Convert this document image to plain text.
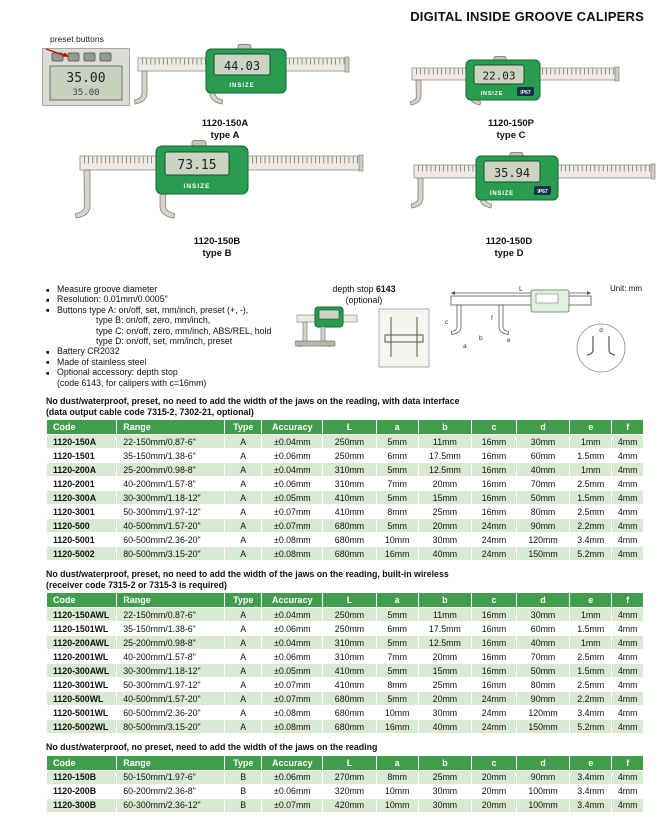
DIGITAL INSIDE GROOVE CALIPERS
preset buttons
35.00
35.00
44.03
INSIZE
1120-150A
type A
22.03
INSIZE	IP67
1120-150P
type C
73.15
INSIZE
1120-150B
type B
35.94
INSIZE	IP67
1120-150D
type D
■ Measure groove diameter
■ Resolution: 0.01mm/0.0005"
■ Buttons type A: on/off, set, mm/inch, preset (+, -),
type B: on/off, zero, mm/inch,
type C: on/off, zero, mm/inch, ABS/REL, hold
type D: on/off, set, mm/inch, preset
■ Battery CR2032
■ Made of stainless steel
■ Optional accessory: depth stop
(code 6143, for calipers with c=16mm)
depth stop 6143
(optional)
Unit: mm
L
a
b
c
e
f
d
No dust/waterproof, preset, no need to add the width of the jaws on the reading, with data interface
(data output cable code 7315-2, 7302-21, optional)
Code	Range	Type	Accuracy	L	a	b	c	d	e	f
1120-150A	22-150mm/0.87-6"	A	±0.04mm	250mm	5mm	11mm	16mm	30mm	1mm	4mm
1120-1501	35-150mm/1.38-6"	A	±0.06mm	250mm	6mm	17.5mm	16mm	60mm	1.5mm	4mm
1120-200A	25-200mm/0.98-8"	A	±0.04mm	310mm	5mm	12.5mm	16mm	40mm	1mm	4mm
1120-2001	40-200mm/1.57-8"	A	±0.06mm	310mm	7mm	20mm	16mm	70mm	2.5mm	4mm
1120-300A	30-300mm/1.18-12"	A	±0.05mm	410mm	5mm	15mm	16mm	50mm	1.5mm	4mm
1120-3001	50-300mm/1.97-12"	A	±0.07mm	410mm	8mm	25mm	16mm	80mm	2.5mm	4mm
1120-500	40-500mm/1.57-20"	A	±0.07mm	680mm	5mm	20mm	24mm	90mm	2.2mm	4mm
1120-5001	60-500mm/2.36-20"	A	±0.08mm	680mm	10mm	30mm	24mm	120mm	3.4mm	4mm
1120-5002	80-500mm/3.15-20"	A	±0.08mm	680mm	16mm	40mm	24mm	150mm	5.2mm	4mm
No dust/waterproof, preset, no need to add the width of the jaws on the reading, built-in wireless
(receiver code 7315-2 or 7315-3 is required)
Code	Range	Type	Accuracy	L	a	b	c	d	e	f
1120-150AWL	22-150mm/0.87-6"	A	±0.04mm	250mm	5mm	11mm	16mm	30mm	1mm	4mm
1120-1501WL	35-150mm/1.38-6"	A	±0.06mm	250mm	6mm	17.5mm	16mm	60mm	1.5mm	4mm
1120-200AWL	25-200mm/0.98-8"	A	±0.04mm	310mm	5mm	12.5mm	16mm	40mm	1mm	4mm
1120-2001WL	40-200mm/1.57-8"	A	±0.06mm	310mm	7mm	20mm	16mm	70mm	2.5mm	4mm
1120-300AWL	30-300mm/1.18-12"	A	±0.05mm	410mm	5mm	15mm	16mm	50mm	1.5mm	4mm
1120-3001WL	50-300mm/1.97-12"	A	±0.07mm	410mm	8mm	25mm	16mm	80mm	2.5mm	4mm
1120-500WL	40-500mm/1.57-20"	A	±0.07mm	680mm	5mm	20mm	24mm	90mm	2.2mm	4mm
1120-5001WL	60-500mm/2.36-20"	A	±0.08mm	680mm	10mm	30mm	24mm	120mm	3.4mm	4mm
1120-5002WL	80-500mm/3.15-20"	A	±0.08mm	680mm	16mm	40mm	24mm	150mm	5.2mm	4mm
No dust/waterproof, no preset, need to add the width of the jaws on the reading
Code	Range	Type	Accuracy	L	a	b	c	d	e	f
1120-150B	50-150mm/1.97-6"	B	±0.06mm	270mm	8mm	25mm	20mm	90mm	3.4mm	4mm
1120-200B	60-200mm/2.36-8"	B	±0.06mm	320mm	10mm	30mm	20mm	100mm	3.4mm	4mm
1120-300B	60-300mm/2.36-12"	B	±0.07mm	420mm	10mm	30mm	20mm	100mm	3.4mm	4mm
